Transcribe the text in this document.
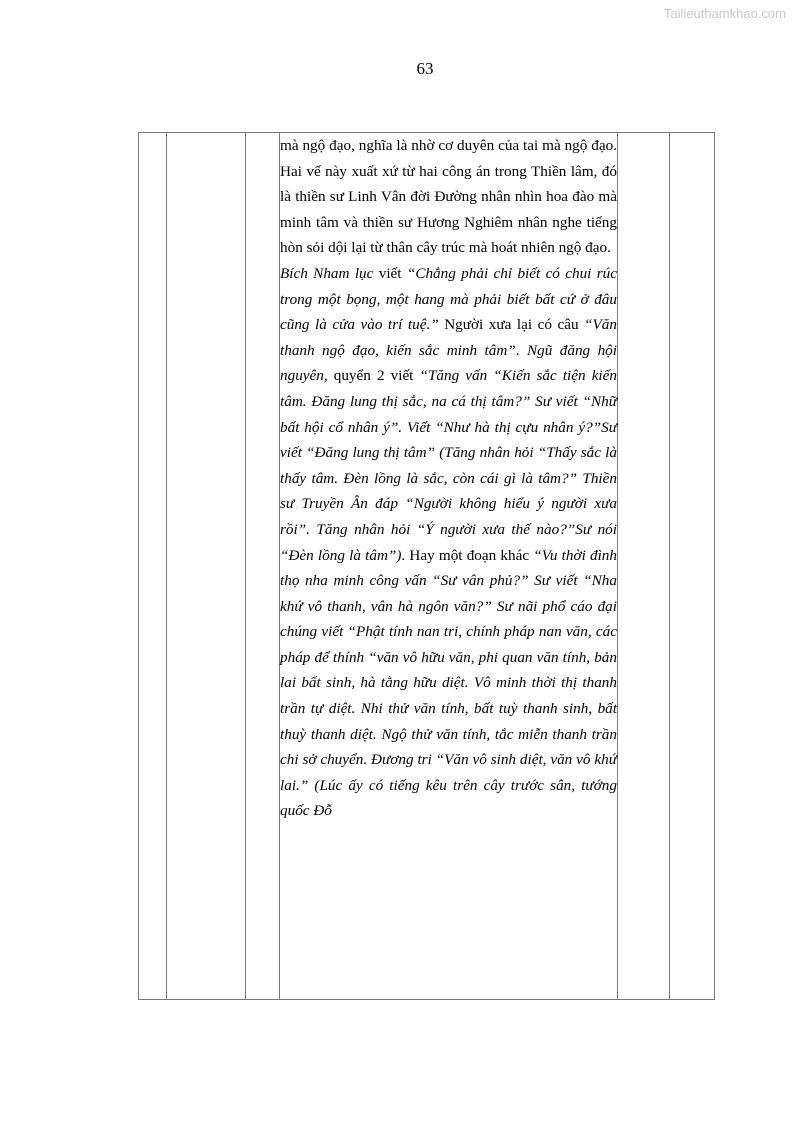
Tailieuthamkhao.com
63

mà ngộ đạo, nghĩa là nhờ cơ duyên của tai mà ngộ đạo. Hai vế này xuất xứ từ hai công án trong Thiền lâm, đó là thiền sư Linh Vân đời Đường nhân nhìn hoa đào mà minh tâm và thiền sư Hương Nghiêm nhân nghe tiếng hòn sỏi dội lại từ thân cây trúc mà hoát nhiên ngộ đạo.

Bích Nham lục viết “Chẳng phải chỉ biết có chui rúc trong một bọng, một hang mà phải biết bất cứ ở đâu cũng là cửa vào trí tuệ.” Người xưa lại có câu “Văn thanh ngộ đạo, kiến sắc minh tâm”. Ngũ đăng hội nguyên, quyển 2 viết “Tăng vấn “Kiến sắc tiện kiến tâm. Đăng lung thị sắc, na cá thị tâm?” Sư viết “Nhữ bất hội cổ nhân ý”. Viết “Như hà thị cựu nhân ý?”Sư viết “Đăng lung thị tâm” (Tăng nhân hỏi “Thấy sắc là thấy tâm. Đèn lồng là sắc, còn cái gì là tâm?” Thiền sư Truyền Ân đáp “Người không hiểu ý người xưa rồi”. Tăng nhân hỏi “Ý người xưa thế nào?”Sư nói “Đèn lồng là tâm”). Hay một đoạn khác “Vu thời đình thọ nha minh công vấn “Sư vân phủ?” Sư viết “Nha khứ vô thanh, vân hà ngôn văn?” Sư nãi phổ cáo đại chúng viết “Phật tính nan tri, chính pháp nan văn, các pháp để thính “văn vô hữu văn, phi quan văn tính, bản lai bất sinh, hà tằng hữu diệt. Vô minh thời thị thanh trần tự diệt. Nhi thử văn tính, bất tuỳ thanh sinh, bất thuỳ thanh diệt. Ngộ thử văn tính, tắc miễn thanh trần chi sở chuyển. Đương tri “Văn vô sinh diệt, văn vô khứ lai.” (Lúc ấy có tiếng kêu trên cây trước sân, tướng quốc Đỗ
